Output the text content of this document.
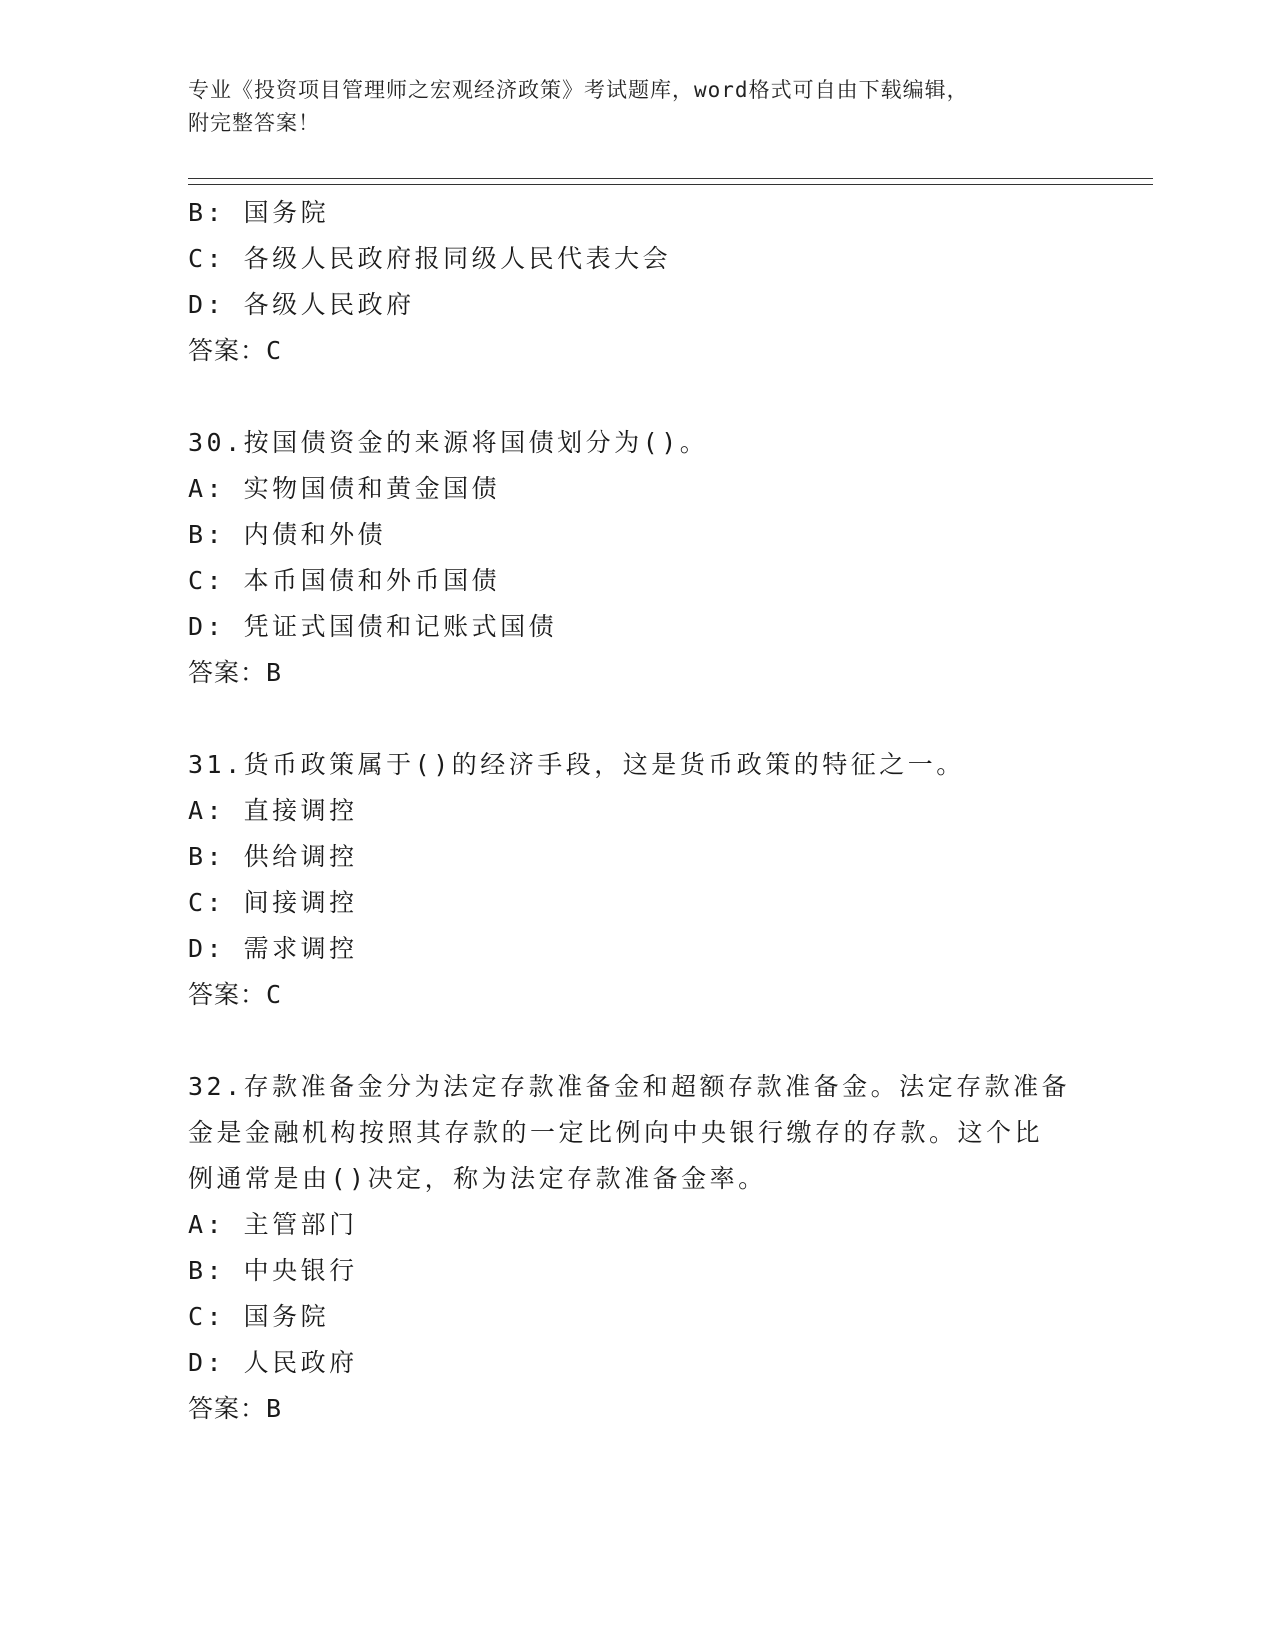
专业《投资项目管理师之宏观经济政策》考试题库，word格式可自由下载编辑，
附完整答案！
B: 国务院
C: 各级人民政府报同级人民代表大会
D: 各级人民政府
答案：C
30.按国债资金的来源将国债划分为()。
A: 实物国债和黄金国债
B: 内债和外债
C: 本币国债和外币国债
D: 凭证式国债和记账式国债
答案：B
31.货币政策属于()的经济手段，这是货币政策的特征之一。
A: 直接调控
B: 供给调控
C: 间接调控
D: 需求调控
答案：C
32.存款准备金分为法定存款准备金和超额存款准备金。法定存款准备
金是金融机构按照其存款的一定比例向中央银行缴存的存款。这个比
例通常是由()决定，称为法定存款准备金率。
A: 主管部门
B: 中央银行
C: 国务院
D: 人民政府
答案：B
